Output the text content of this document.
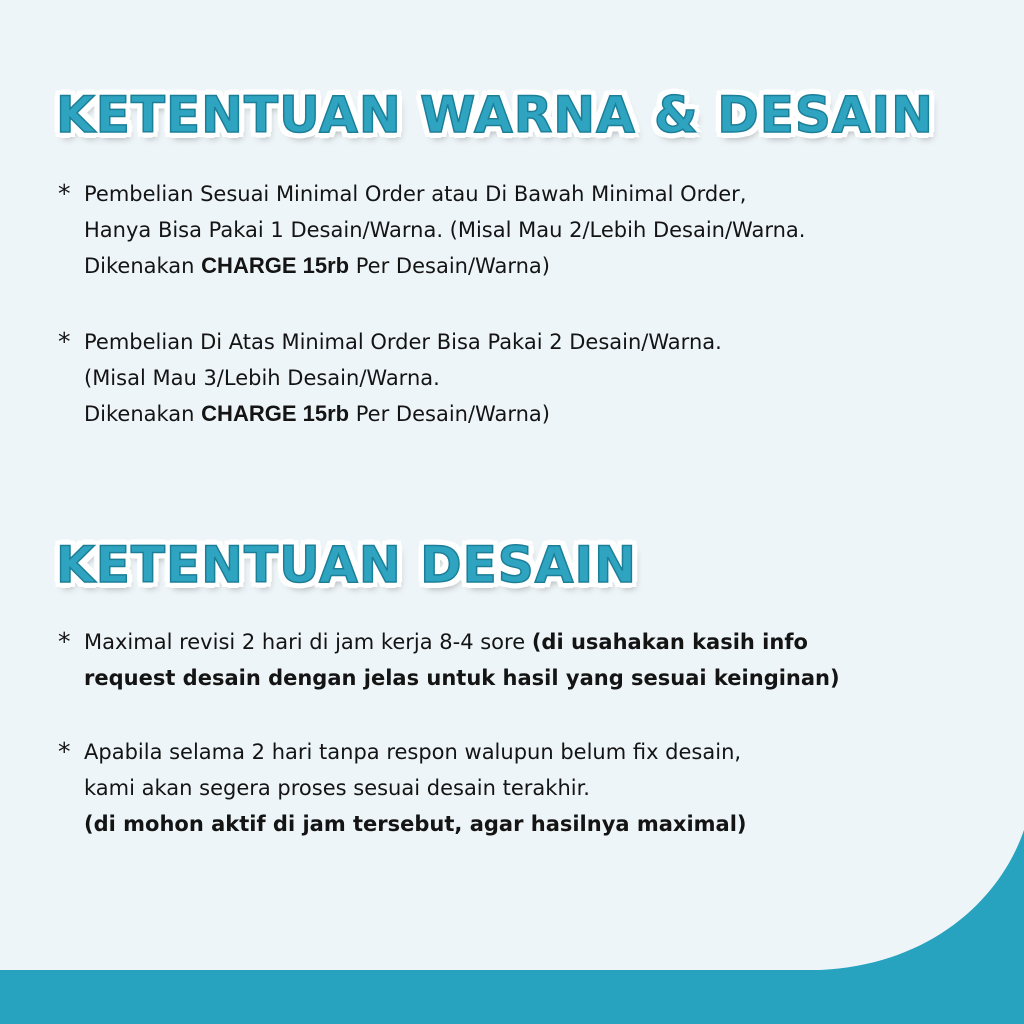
KETENTUAN WARNA & DESAIN
* Pembelian Sesuai Minimal Order atau Di Bawah Minimal Order,
Hanya Bisa Pakai 1 Desain/Warna. (Misal Mau 2/Lebih Desain/Warna.
Dikenakan CHARGE 15rb Per Desain/Warna)
* Pembelian Di Atas Minimal Order Bisa Pakai 2 Desain/Warna.
(Misal Mau 3/Lebih Desain/Warna.
Dikenakan CHARGE 15rb Per Desain/Warna)
KETENTUAN DESAIN
* Maximal revisi 2 hari di jam kerja 8-4 sore (di usahakan kasih info
request desain dengan jelas untuk hasil yang sesuai keinginan)
* Apabila selama 2 hari tanpa respon walupun belum fix desain,
kami akan segera proses sesuai desain terakhir.
(di mohon aktif di jam tersebut, agar hasilnya maximal)
